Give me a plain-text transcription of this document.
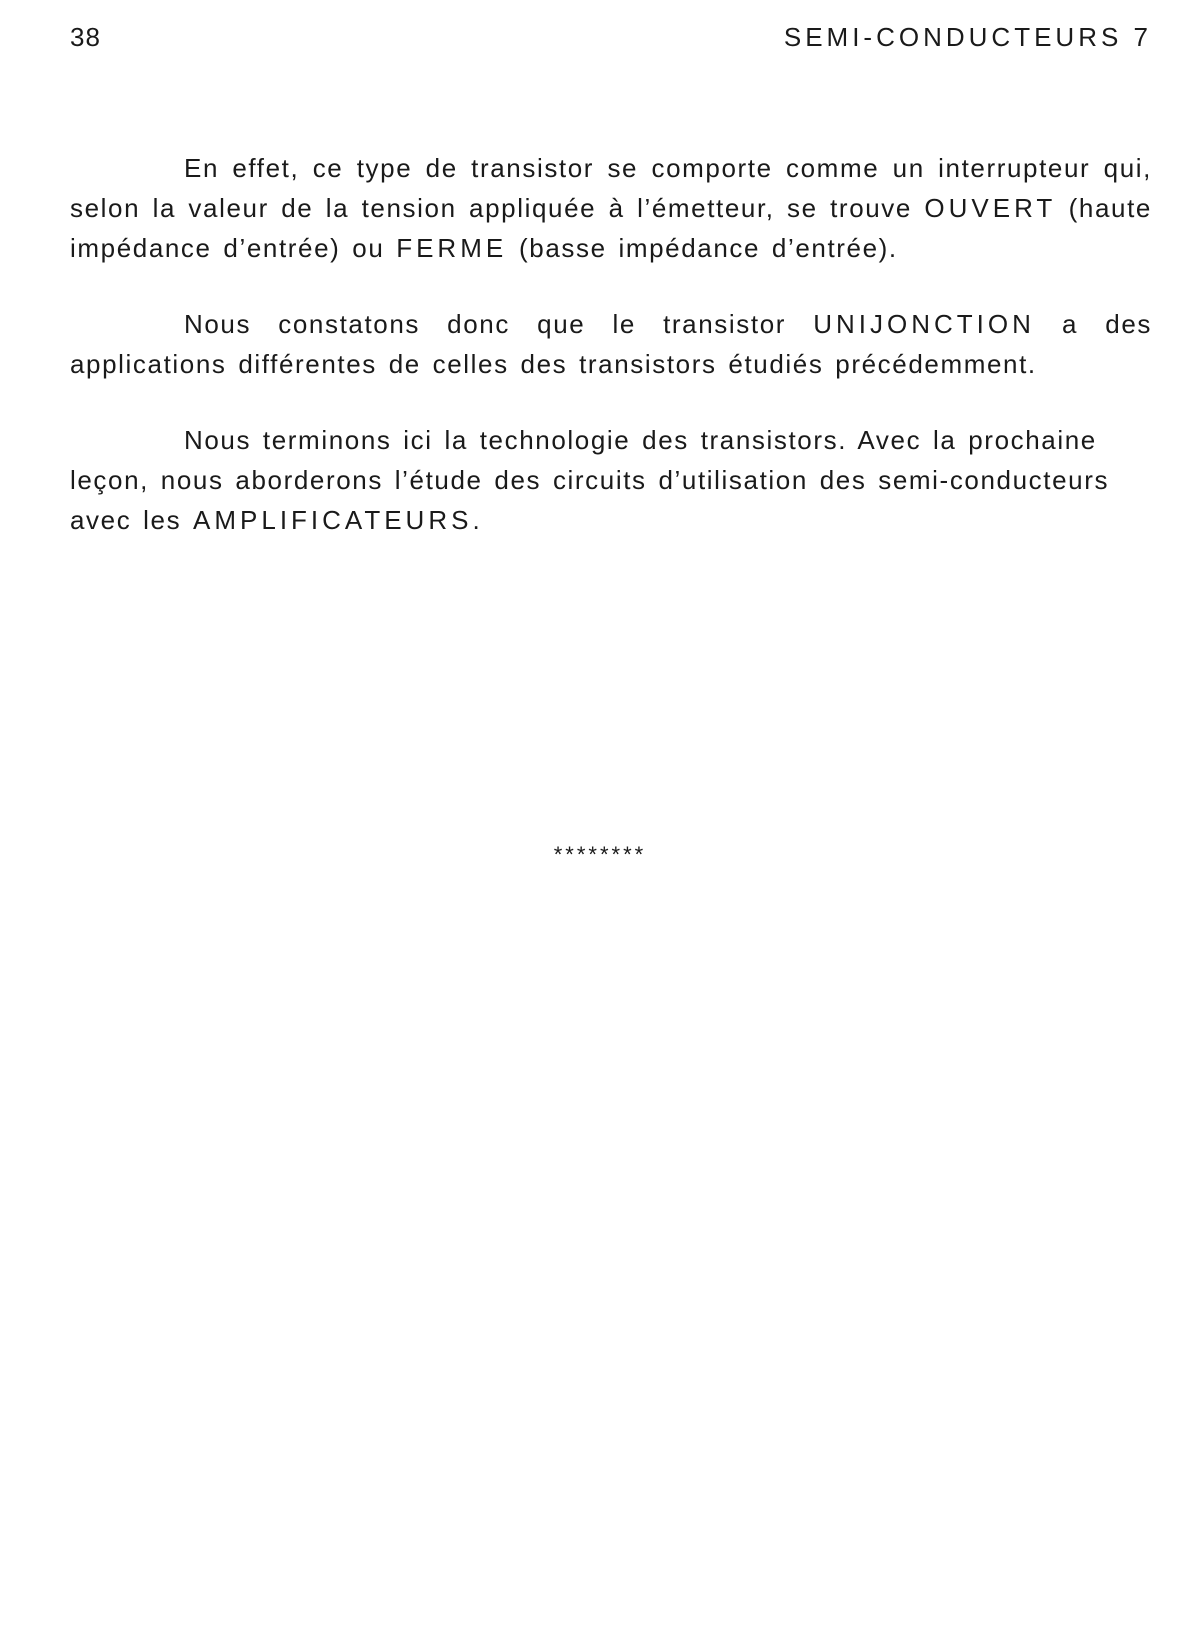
38	SEMI-CONDUCTEURS 7

En effet, ce type de transistor se comporte comme un interrupteur qui, selon la valeur de la tension appliquée à l’émetteur, se trouve OUVERT (haute impédance d’entrée) ou FERME (basse impédance d’entrée).

Nous constatons donc que le transistor UNIJONCTION a des applications différentes de celles des transistors étudiés précédemment.

Nous terminons ici la technologie des transistors. Avec la prochaine leçon, nous aborderons l’étude des circuits d’utilisation des semi-conducteurs avec les AMPLIFICATEURS.

********
